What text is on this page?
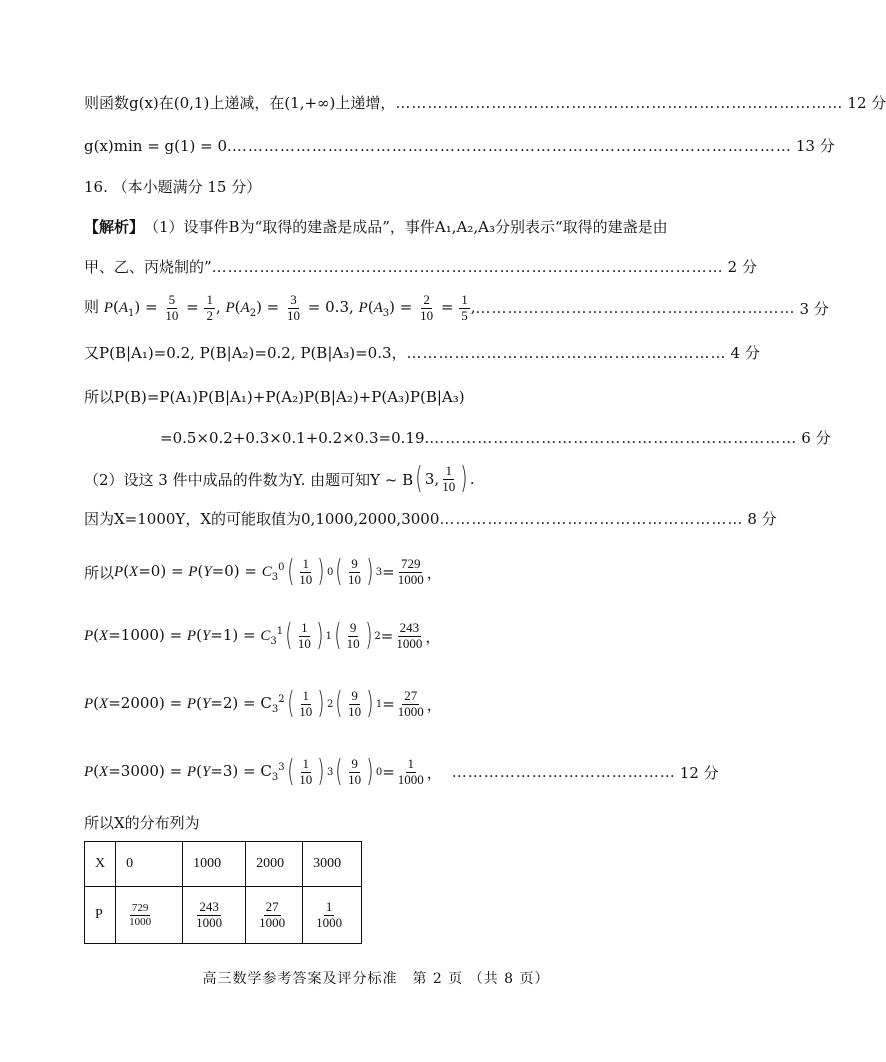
则函数g(x)在(0,1)上递减，在(1,+∞)上递增， ………………………………………………………………………… 12 分
g(x)min = g(1) = 0. …………………………………………………………………………………………… 13 分
16. （本小题满分 15 分）
【解析】 （1）设事件B为“取得的建盏是成品”，事件A₁,A₂,A₃分别表示“取得的建盏是由
甲、乙、丙烧制的” …………………………………………………………………………………… 2 分
则 $P(A_1) = \frac{5}{10} = \frac{1}{2}$ , $P(A_2) = \frac{3}{10} = 0.3$, $P(A_3) = \frac{2}{10} = \frac{1}{5}$ , …………………………………………………… 3 分
又P(B|A₁)=0.2, P(B|A₂)=0.2, P(B|A₃)=0.3， …………………………………………………… 4 分
所以P(B)=P(A₁)P(B|A₁)+P(A₂)P(B|A₂)+P(A₃)P(B|A₃)
=0.5×0.2+0.3×0.1+0.2×0.3=0.19. …………………………………………………………… 6 分
（2）设这 3 件中成品的件数为Y. 由题可知Y ~ B ( 3, $\frac{1}{10}$ ) .
因为X=1000Y，X的可能取值为0,1000,2000,3000 ………………………………………………… 8 分
所以 $P(X=0) = P(Y=0) = C_3^0$ ( $\frac{1}{10}$ ) 0 ( $\frac{9}{10}$ ) $3 = \frac{729}{1000}$ ，
$P(X=1000) = P(Y=1) = C_3^1$ ( $\frac{1}{10}$ ) 1 ( $\frac{9}{10}$ ) $2 = \frac{243}{1000}$ ，
$P(X=2000) = P(Y=2) = C_3^2$ ( $\frac{1}{10}$ ) 2 ( $\frac{9}{10}$ ) $1 = \frac{27}{1000}$ ，
$P(X=3000) = P(Y=3) = C_3^3$ ( $\frac{1}{10}$ ) 3 ( $\frac{9}{10}$ ) $0 = \frac{1}{1000}$ ， …………………………………… 12 分
所以X的分布列为
X	0	1000	2000	3000
P	$\frac{729}{1000}$	$\frac{243}{1000}$	$\frac{27}{1000}$	$\frac{1}{1000}$
高三数学参考答案及评分标准　第 2 页 （共 8 页）
